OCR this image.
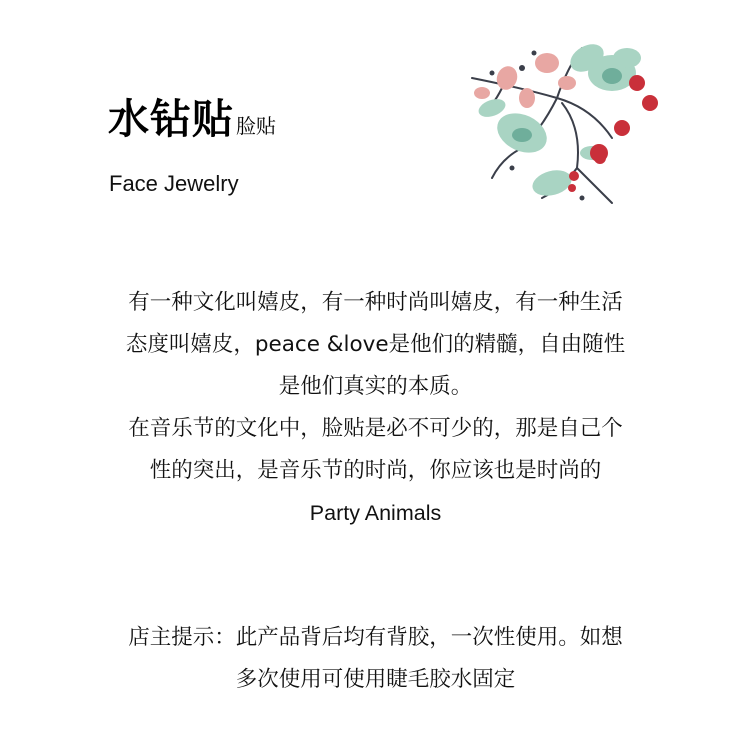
水钻贴 脸贴
Face Jewelry
有一种文化叫嬉皮，有一种时尚叫嬉皮，有一种生活
态度叫嬉皮，peace &love是他们的精髓，自由随性
是他们真实的本质。
在音乐节的文化中，脸贴是必不可少的，那是自己个
性的突出，是音乐节的时尚，你应该也是时尚的
Party Animals
店主提示：此产品背后均有背胶，一次性使用。如想
多次使用可使用睫毛胶水固定
